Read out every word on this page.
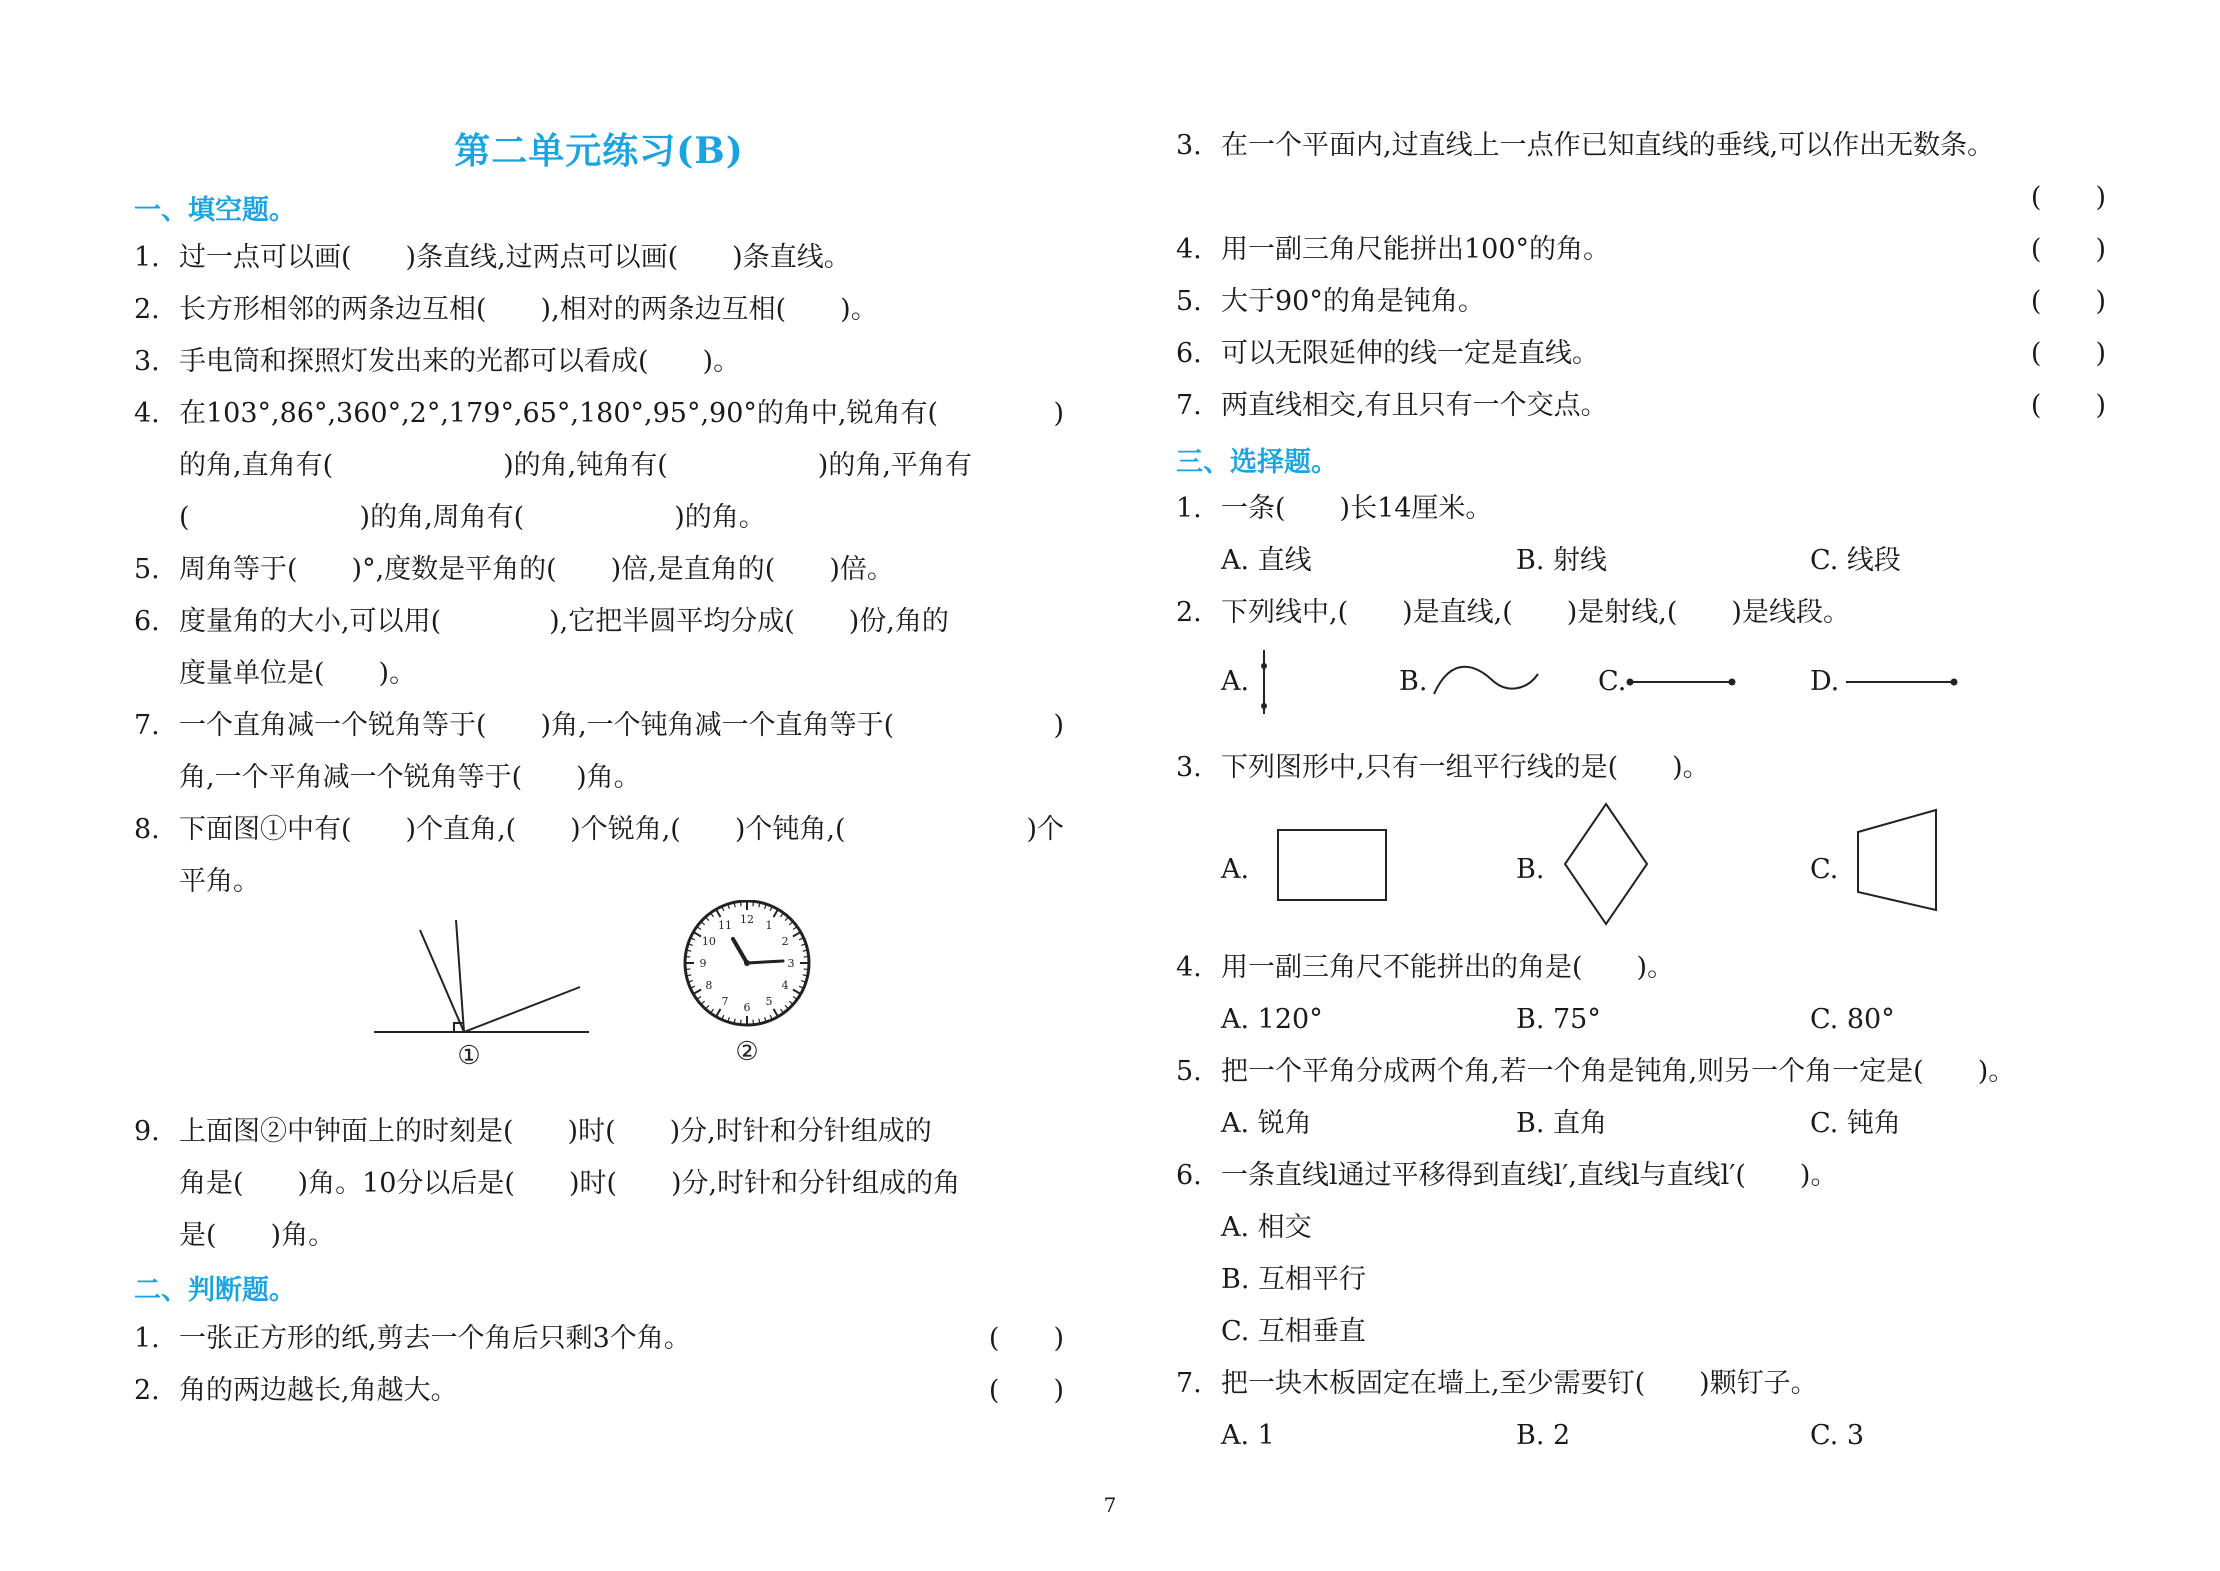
第二单元练习(B)
一、填空题。
1. 过一点可以画(　　)条直线,过两点可以画(　　)条直线。
2. 长方形相邻的两条边互相(　　),相对的两条边互相(　　)。
3. 手电筒和探照灯发出来的光都可以看成(　　)。
4. 在103°,86°,360°,2°,179°,65°,180°,95°,90°的角中,锐角有(	)
的角,直角有(	)的角,钝角有(	)的角,平角有
(	)的角,周角有(	)的角。
5. 周角等于(　　)°,度数是平角的(　　)倍,是直角的(　　)倍。
6. 度量角的大小,可以用(　　　　),它把半圆平均分成(　　)份,角的
度量单位是(　　)。
7. 一个直角减一个锐角等于(　　)角,一个钝角减一个直角等于(	)
角,一个平角减一个锐角等于(　　)角。
8. 下面图①中有(　　)个直角,(　　)个锐角,(　　)个钝角,(	)个
平角。
①
12 1
2
3
4
5
6
7
8
9
10
11
②
9. 上面图②中钟面上的时刻是(　　)时(　　)分,时针和分针组成的
角是(　　)角。10分以后是(　　)时(　　)分,时针和分针组成的角
是(　　)角。
二、判断题。
1. 一张正方形的纸,剪去一个角后只剩3个角。	(　　)
2. 角的两边越长,角越大。	(　　)
3. 在一个平面内,过直线上一点作已知直线的垂线,可以作出无数条。
(　　)
4. 用一副三角尺能拼出100°的角。	(　　)
5. 大于90°的角是钝角。	(　　)
6. 可以无限延伸的线一定是直线。	(　　)
7. 两直线相交,有且只有一个交点。	(　　)
三、选择题。
1. 一条(　　)长14厘米。
A. 直线	B. 射线	C. 线段
2. 下列线中,(　　)是直线,(　　)是射线,(　　)是线段。
A.	B.	C.	D.
3. 下列图形中,只有一组平行线的是(　　)。
A.	B.	C.
4. 用一副三角尺不能拼出的角是(　　)。
A. 120°	B. 75°	C. 80°
5. 把一个平角分成两个角,若一个角是钝角,则另一个角一定是(　　)。
A. 锐角	B. 直角	C. 钝角
6. 一条直线l通过平移得到直线l′,直线l与直线l′(　　)。
A. 相交
B. 互相平行
C. 互相垂直
7. 把一块木板固定在墙上,至少需要钉(　　)颗钉子。
A. 1	B. 2	C. 3
7
